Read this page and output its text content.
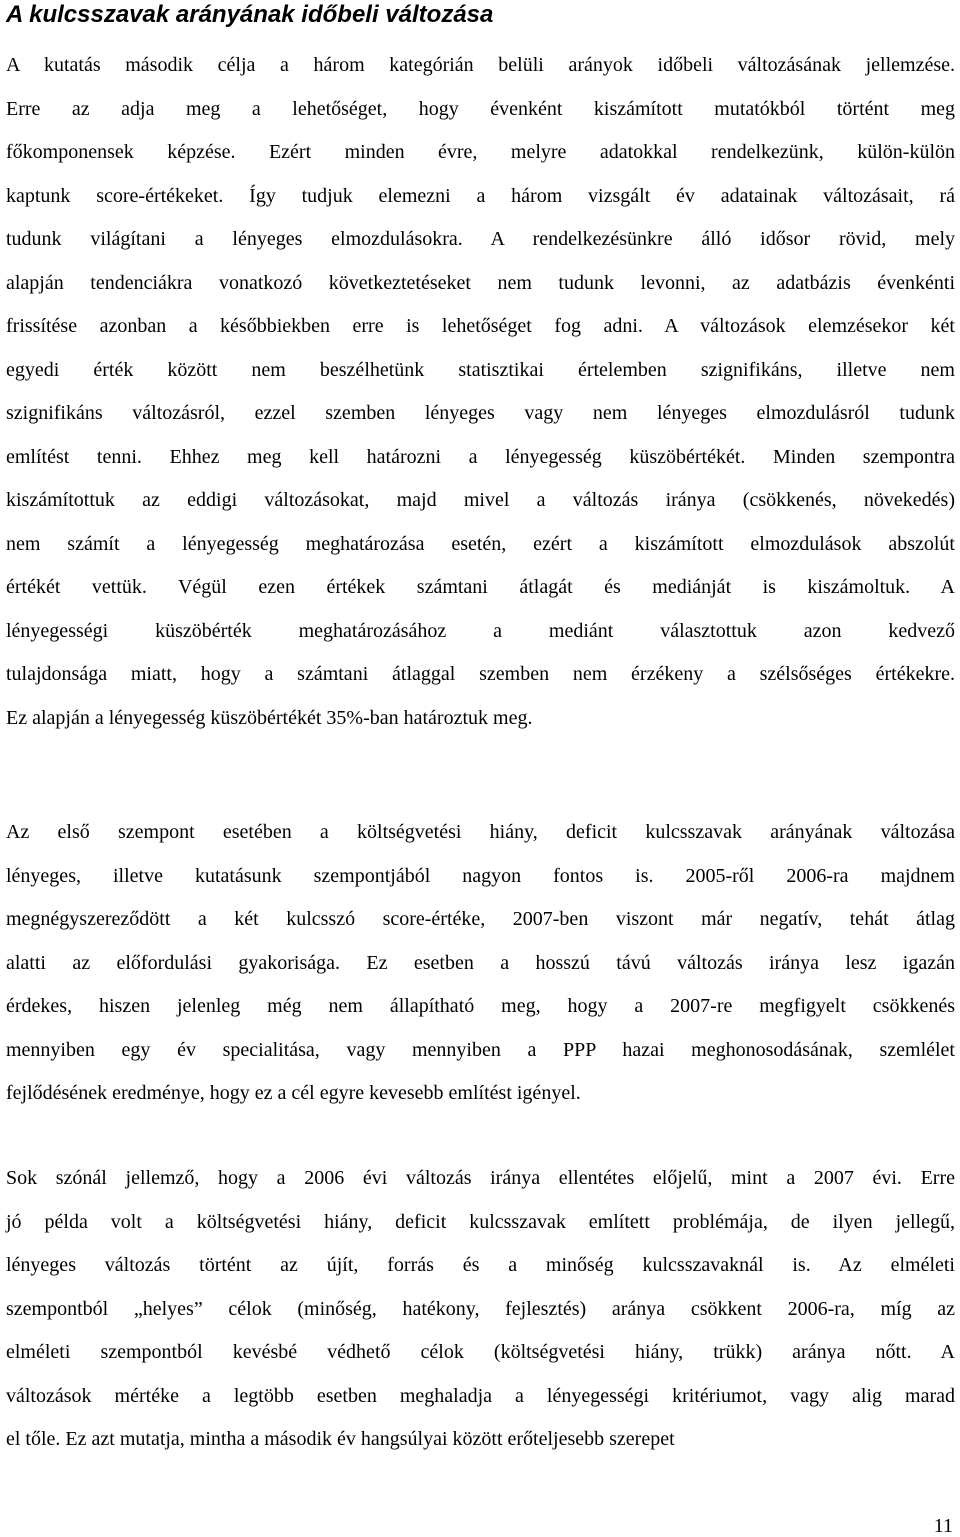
A kulcsszavak arányának időbeli változása

A kutatás második célja a három kategórián belüli arányok időbeli változásának jellemzése.
Erre az adja meg a lehetőséget, hogy évenként kiszámított mutatókból történt meg
főkomponensek képzése. Ezért minden évre, melyre adatokkal rendelkezünk, külön-külön
kaptunk score-értékeket. Így tudjuk elemezni a három vizsgált év adatainak változásait, rá
tudunk világítani a lényeges elmozdulásokra. A rendelkezésünkre álló idősor rövid, mely
alapján tendenciákra vonatkozó következtetéseket nem tudunk levonni, az adatbázis évenkénti
frissítése azonban a későbbiekben erre is lehetőséget fog adni. A változások elemzésekor két
egyedi érték között nem beszélhetünk statisztikai értelemben szignifikáns, illetve nem
szignifikáns változásról, ezzel szemben lényeges vagy nem lényeges elmozdulásról tudunk
említést tenni. Ehhez meg kell határozni a lényegesség küszöbértékét. Minden szempontra
kiszámítottuk az eddigi változásokat, majd mivel a változás iránya (csökkenés, növekedés)
nem számít a lényegesség meghatározása esetén, ezért a kiszámított elmozdulások abszolút
értékét vettük. Végül ezen értékek számtani átlagát és mediánját is kiszámoltuk. A
lényegességi küszöbérték meghatározásához a mediánt választottuk azon kedvező
tulajdonsága miatt, hogy a számtani átlaggal szemben nem érzékeny a szélsőséges értékekre.
Ez alapján a lényegesség küszöbértékét 35%-ban határoztuk meg.

Az első szempont esetében a költségvetési hiány, deficit kulcsszavak arányának változása
lényeges, illetve kutatásunk szempontjából nagyon fontos is. 2005-ről 2006-ra majdnem
megnégyszereződött a két kulcsszó score-értéke, 2007-ben viszont már negatív, tehát átlag
alatti az előfordulási gyakorisága. Ez esetben a hosszú távú változás iránya lesz igazán
érdekes, hiszen jelenleg még nem állapítható meg, hogy a 2007-re megfigyelt csökkenés
mennyiben egy év specialitása, vagy mennyiben a PPP hazai meghonosodásának, szemlélet
fejlődésének eredménye, hogy ez a cél egyre kevesebb említést igényel.

Sok szónál jellemző, hogy a 2006 évi változás iránya ellentétes előjelű, mint a 2007 évi. Erre
jó példa volt a költségvetési hiány, deficit kulcsszavak említett problémája, de ilyen jellegű,
lényeges változás történt az újít, forrás és a minőség kulcsszavaknál is. Az elméleti
szempontból „helyes” célok (minőség, hatékony, fejlesztés) aránya csökkent 2006-ra, míg az
elméleti szempontból kevésbé védhető célok (költségvetési hiány, trükk) aránya nőtt. A
változások mértéke a legtöbb esetben meghaladja a lényegességi kritériumot, vagy alig marad
el tőle. Ez azt mutatja, mintha a második év hangsúlyai között erőteljesebb szerepet

11
